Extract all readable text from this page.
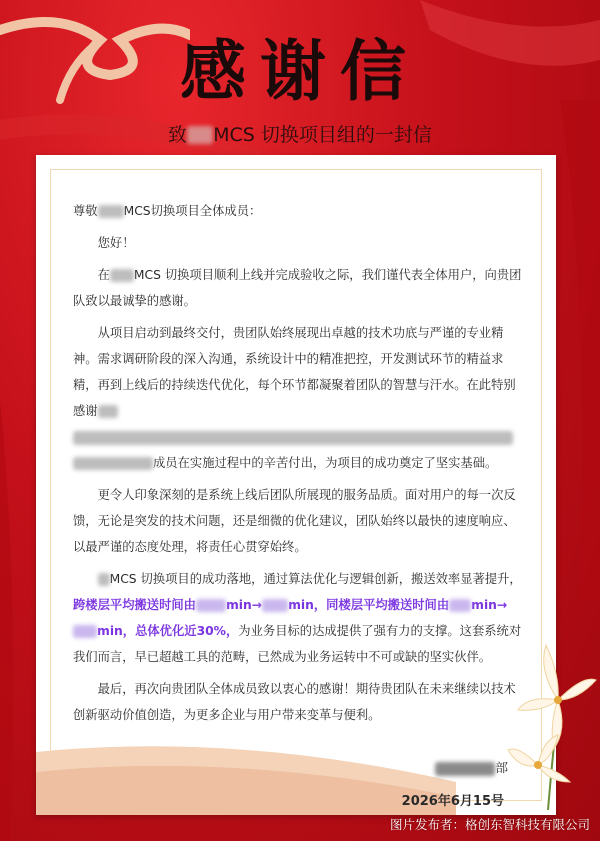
感谢信
致 MCS 切换项目组的一封信

尊敬 MCS切换项目全体成员：

您好！

在 MCS 切换项目顺利上线并完成验收之际，我们谨代表全体用户，向贵团队致以最诚挚的感谢。

从项目启动到最终交付，贵团队始终展现出卓越的技术功底与严谨的专业精神。需求调研阶段的深入沟通，系统设计中的精准把控，开发测试环节的精益求精，再到上线后的持续迭代优化，每个环节都凝聚着团队的智慧与汗水。在此特别感谢

成员在实施过程中的辛苦付出，为项目的成功奠定了坚实基础。

更令人印象深刻的是系统上线后团队所展现的服务品质。面对用户的每一次反馈，无论是突发的技术问题，还是细微的优化建议，团队始终以最快的速度响应、以最严谨的态度处理，将责任心贯穿始终。

MCS 切换项目的成功落地，通过算法优化与逻辑创新，搬送效率显著提升，跨楼层平均搬送时间由 min→ min，同楼层平均搬送时间由 min→min，总体优化近30%，为业务目标的达成提供了强有力的支撑。这套系统对我们而言，早已超越工具的范畴，已然成为业务运转中不可或缺的坚实伙伴。

最后，再次向贵团队全体成员致以衷心的感谢！期待贵团队在未来继续以技术创新驱动价值创造，为更多企业与用户带来变革与便利。

部
2026年6月15号
图片发布者：格创东智科技有限公司
